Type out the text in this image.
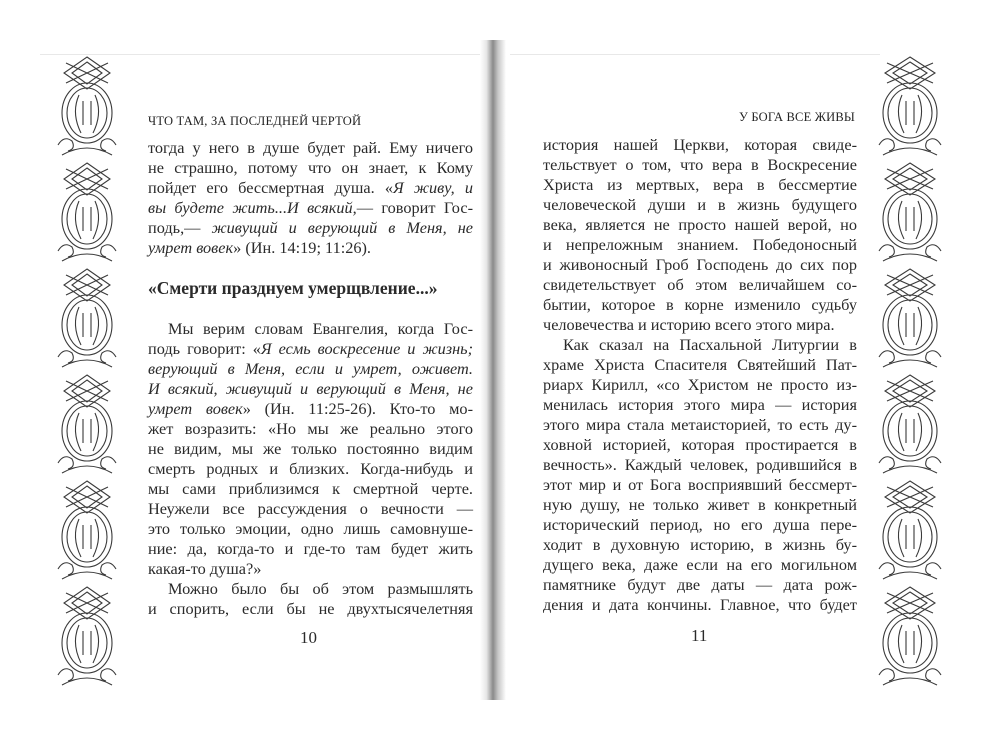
ЧТО ТАМ, ЗА ПОСЛЕДНЕЙ ЧЕРТОЙ
тогда у него в душе будет рай. Ему ничего
не страшно, потому что он знает, к Кому
пойдет его бессмертная душа. «Я живу, и
вы будете жить...И всякий,— говорит Гос-
подь,— живущий и верующий в Меня, не
умрет вовек» (Ин. 14:19; 11:26).
«Смерти празднуем умерщвление...»
Мы верим словам Евангелия, когда Гос-
подь говорит: «Я есмь воскресение и жизнь;
верующий в Меня, если и умрет, оживет.
И всякий, живущий и верующий в Меня, не
умрет вовек» (Ин. 11:25-26). Кто-то мо-
жет возразить: «Но мы же реально этого
не видим, мы же только постоянно видим
смерть родных и близких. Когда-нибудь и
мы сами приблизимся к смертной черте.
Неужели все рассуждения о вечности —
это только эмоции, одно лишь самовнуше-
ние: да, когда-то и где-то там будет жить
какая-то душа?»
Можно было бы об этом размышлять
и спорить, если бы не двухтысячелетняя
10
У БОГА ВСЕ ЖИВЫ
история нашей Церкви, которая свиде-
тельствует о том, что вера в Воскресение
Христа из мертвых, вера в бессмертие
человеческой души и в жизнь будущего
века, является не просто нашей верой, но
и непреложным знанием. Победоносный
и живоносный Гроб Господень до сих пор
свидетельствует об этом величайшем со-
бытии, которое в корне изменило судьбу
человечества и историю всего этого мира.
Как сказал на Пасхальной Литургии в
храме Христа Спасителя Святейший Пат-
риарх Кирилл, «со Христом не просто из-
менилась история этого мира — история
этого мира стала метаисторией, то есть ду-
ховной историей, которая простирается в
вечность». Каждый человек, родившийся в
этот мир и от Бога восприявший бессмерт-
ную душу, не только живет в конкретный
исторический период, но его душа пере-
ходит в духовную историю, в жизнь бу-
дущего века, даже если на его могильном
памятнике будут две даты — дата рож-
дения и дата кончины. Главное, что будет
11
